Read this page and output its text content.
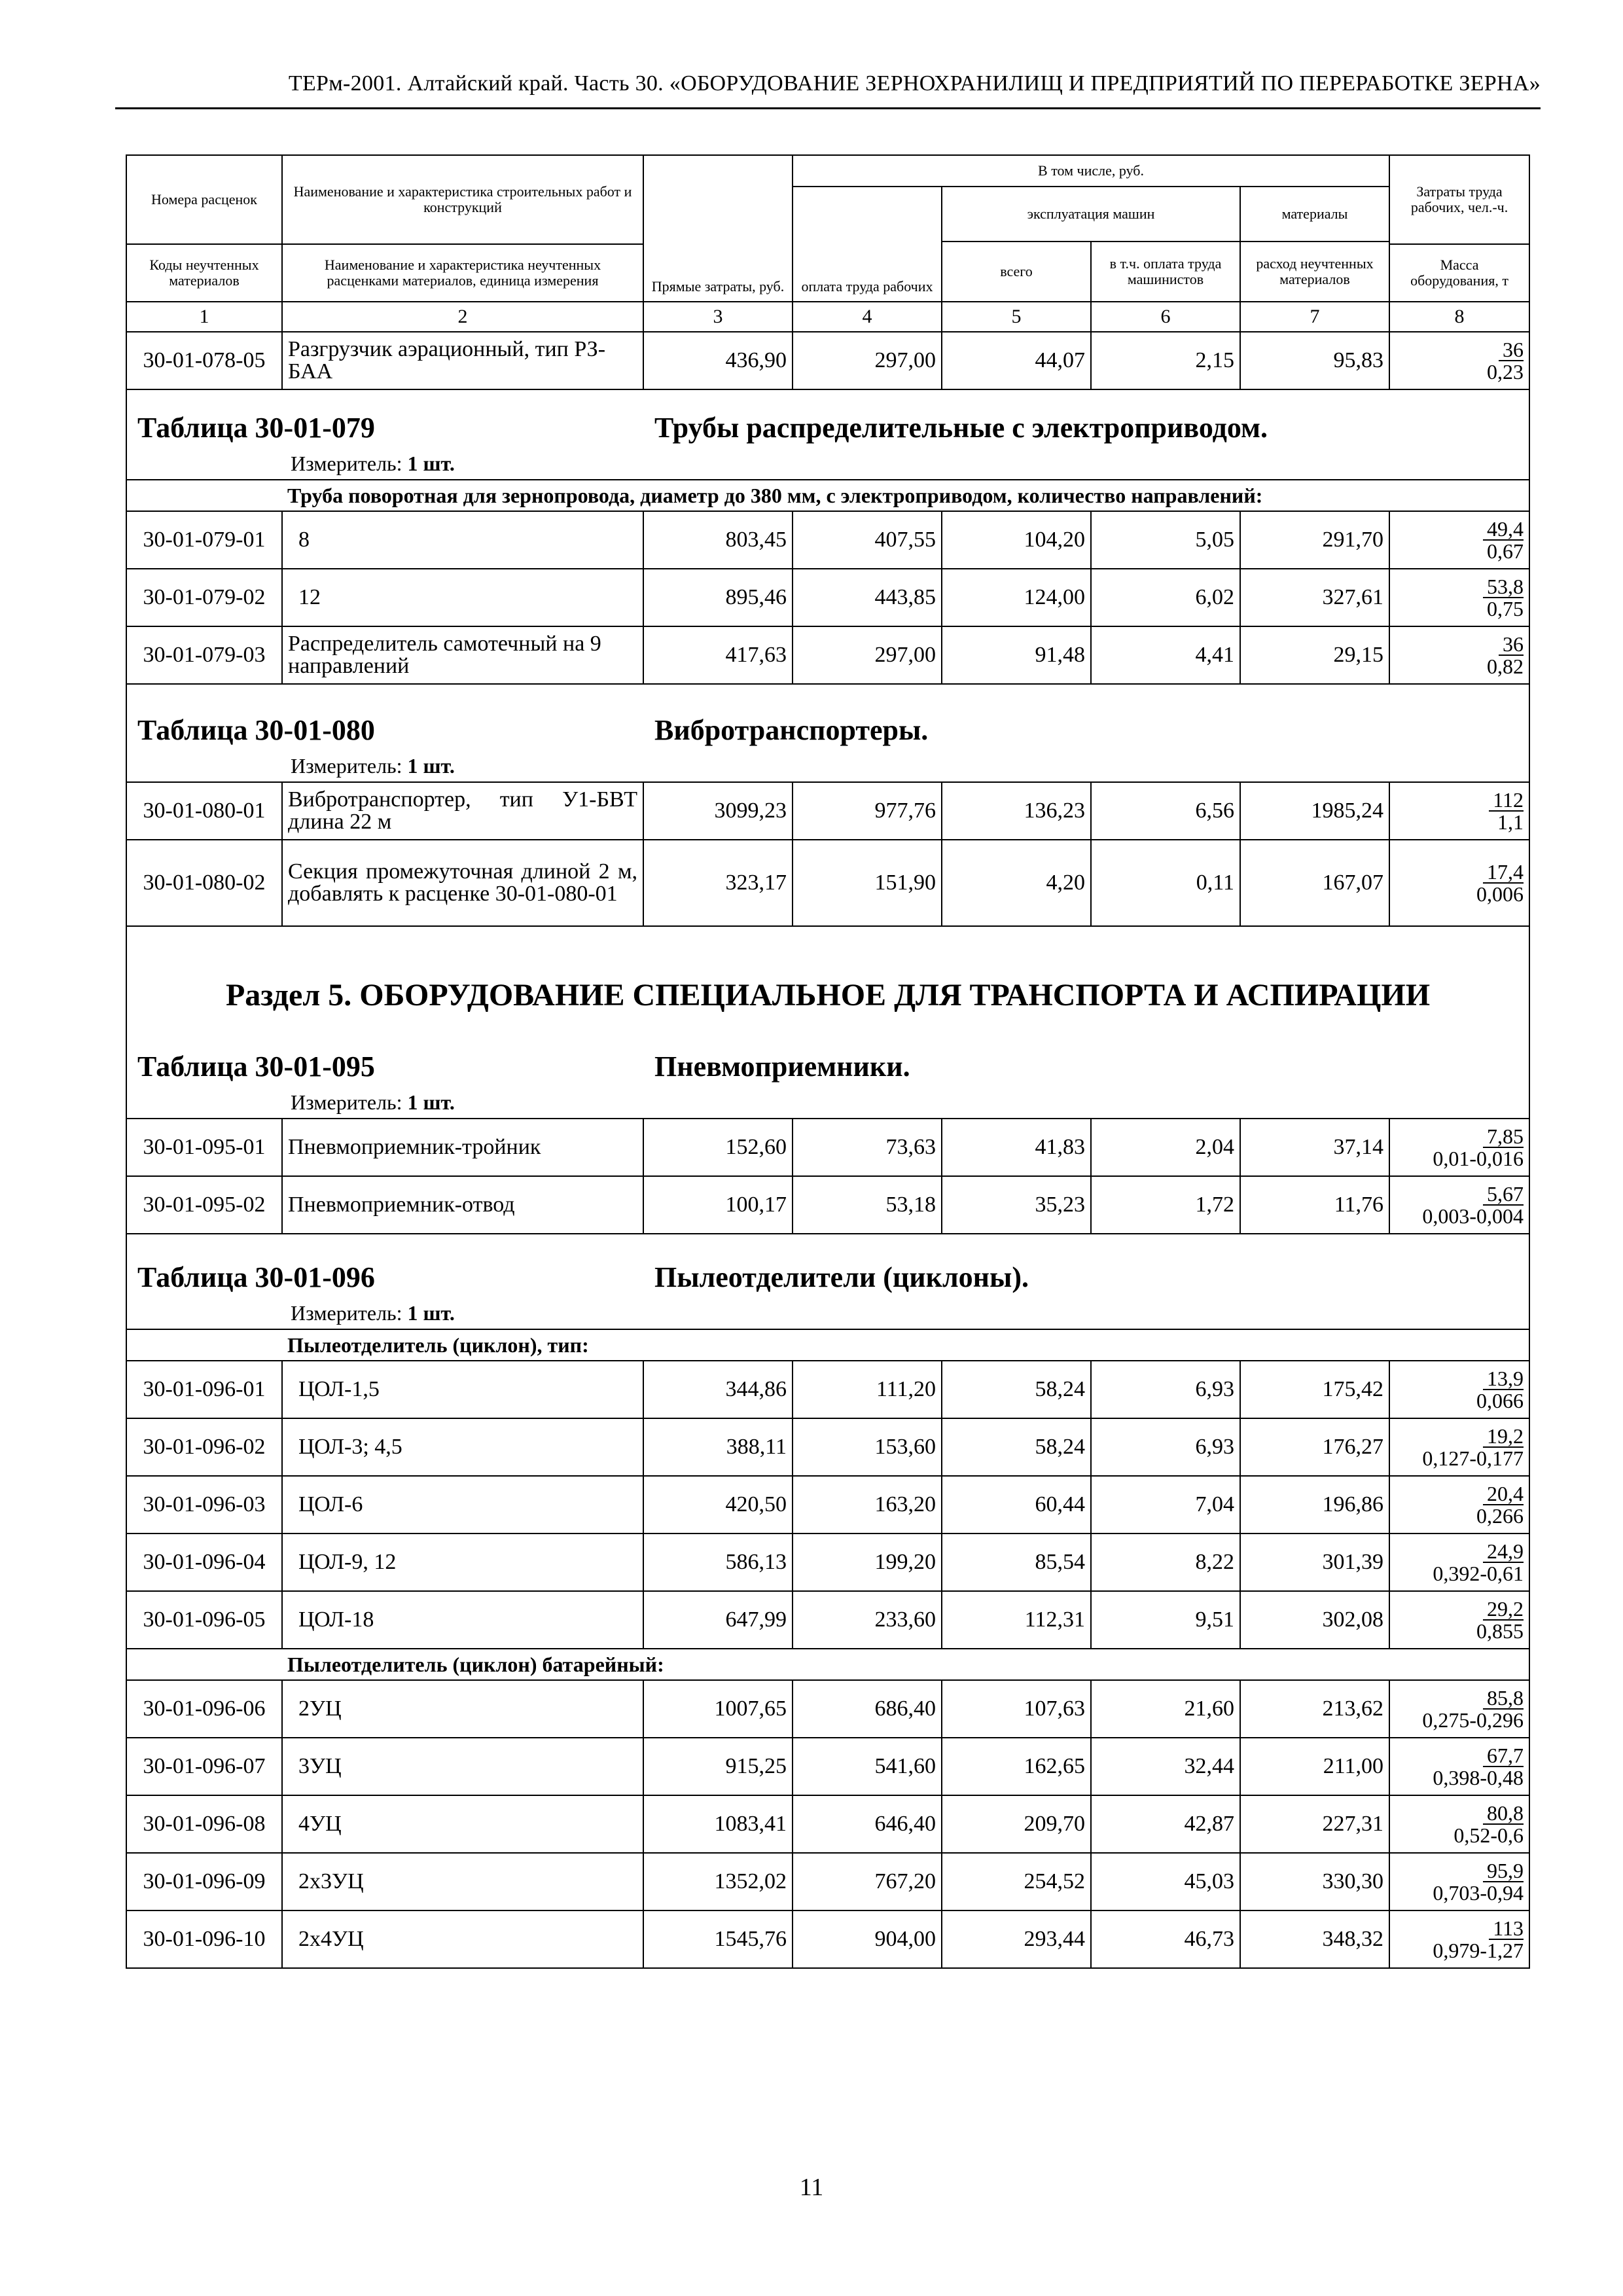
ТЕРм-2001. Алтайский край. Часть 30. «ОБОРУДОВАНИЕ ЗЕРНОХРАНИЛИЩ И ПРЕДПРИЯТИЙ ПО ПЕРЕРАБОТКЕ ЗЕРНА»
Номера расценок	Наименование и характеристика строительных работ и конструкций	Прямые затраты, руб.	В том числе, руб.				Затраты труда рабочих, чел.-ч.
			оплата труда рабочих	эксплуатация машин		материалы	
				всего	в т.ч. оплата труда машинистов	расход неучтенных материалов	
Коды неучтенных материалов	Наименование и характеристика неучтенных расценками материалов, единица измерения						Масса оборудования, т

1	2	3	4	5	6	7	8
30-01-078-05	Разгрузчик аэрационный, тип РЗ-БАА	436,90	297,00	44,07	2,15	95,83	36
0,23

Таблица 30-01-079 Трубы распределительные с электроприводом.
Измеритель: 1 шт.							

	Труба поворотная для зернопровода, диаметр до 380 мм, с электроприводом, количество направлений:						
30-01-079-01	8	803,45	407,55	104,20	5,05	291,70	49,4
0,67

30-01-079-02	12	895,46	443,85	124,00	6,02	327,61	53,8
0,75

30-01-079-03	Распределитель самотечный на 9 направлений	417,63	297,00	91,48	4,41	29,15	36
0,82

Таблица 30-01-080 Вибротранспортеры.
Измеритель: 1 шт.							

30-01-080-01	Вибротранспортер, тип У1-БВТ длина 22 м	3099,23	977,76	136,23	6,56	1985,24	112
1,1

30-01-080-02	Секция промежуточная длиной 2 м, добавлять к расценке 30-01-080-01	323,17	151,90	4,20	0,11	167,07	17,4
0,006

Раздел 5. ОБОРУДОВАНИЕ СПЕЦИАЛЬНОЕ ДЛЯ ТРАНСПОРТА И АСПИРАЦИИ							

Таблица 30-01-095 Пневмоприемники.
Измеритель: 1 шт.							

30-01-095-01	Пневмоприемник-тройник	152,60	73,63	41,83	2,04	37,14	7,85
0,01-0,016

30-01-095-02	Пневмоприемник-отвод	100,17	53,18	35,23	1,72	11,76	5,67
0,003-0,004

Таблица 30-01-096 Пылеотделители (циклоны).
Измеритель: 1 шт.							

	Пылеотделитель (циклон), тип:						
30-01-096-01	ЦОЛ-1,5	344,86	111,20	58,24	6,93	175,42	13,9
0,066

30-01-096-02	ЦОЛ-3; 4,5	388,11	153,60	58,24	6,93	176,27	19,2
0,127-0,177

30-01-096-03	ЦОЛ-6	420,50	163,20	60,44	7,04	196,86	20,4
0,266

30-01-096-04	ЦОЛ-9, 12	586,13	199,20	85,54	8,22	301,39	24,9
0,392-0,61

30-01-096-05	ЦОЛ-18	647,99	233,60	112,31	9,51	302,08	29,2
0,855

	Пылеотделитель (циклон) батарейный:						
30-01-096-06	2УЦ	1007,65	686,40	107,63	21,60	213,62	85,8
0,275-0,296

30-01-096-07	3УЦ	915,25	541,60	162,65	32,44	211,00	67,7
0,398-0,48

30-01-096-08	4УЦ	1083,41	646,40	209,70	42,87	227,31	80,8
0,52-0,6

30-01-096-09	2х3УЦ	1352,02	767,20	254,52	45,03	330,30	95,9
0,703-0,94

30-01-096-10	2х4УЦ	1545,76	904,00	293,44	46,73	348,32	113
0,979-1,27
11
